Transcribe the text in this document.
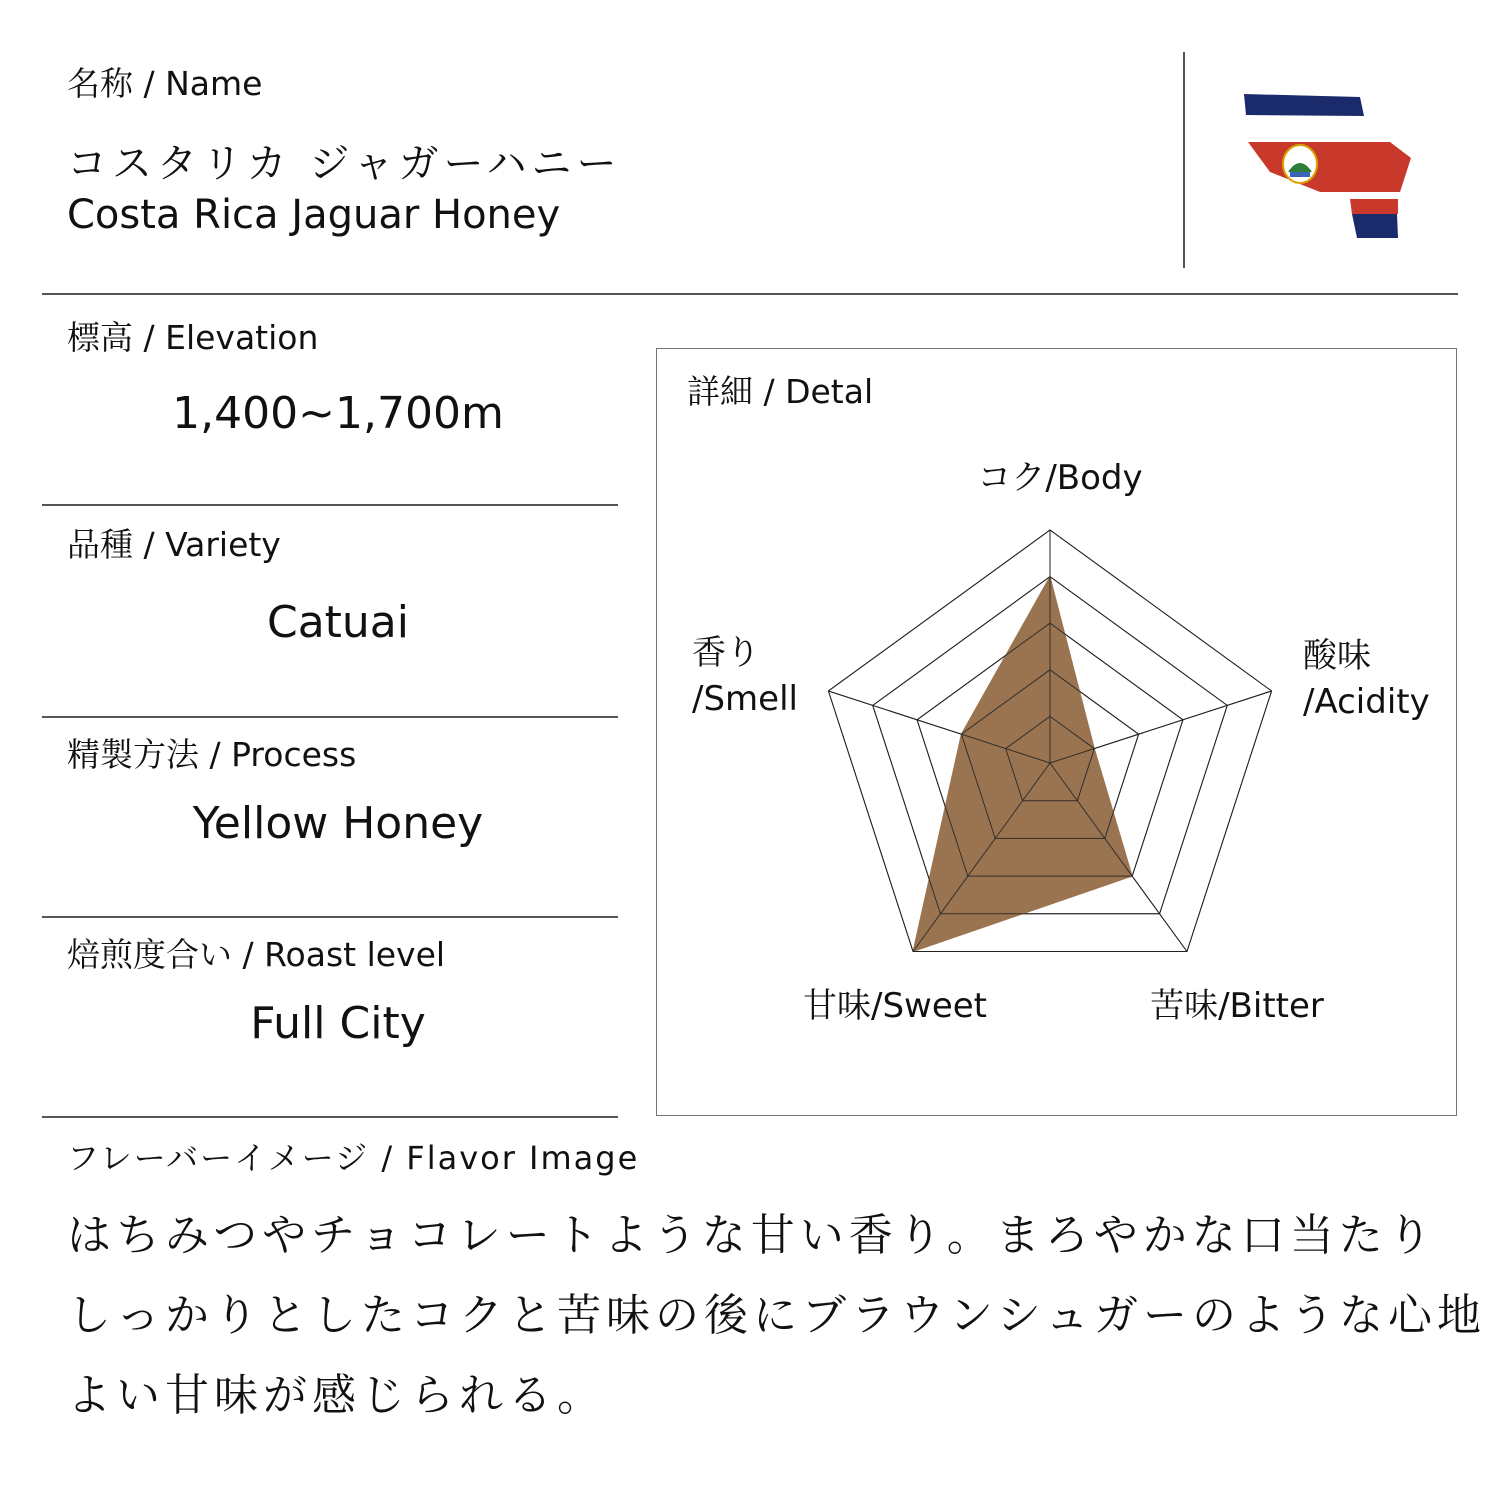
名称 / Name
コスタリカ ジャガーハニー
Costa Rica Jaguar Honey
標高 / Elevation
1,400~1,700m
品種 / Variety
Catuai
精製方法 / Process
Yellow Honey
焙煎度合い / Roast level
Full City
詳細 / Detal
コク/Body
酸味/Acidity
苦味/Bitter
甘味/Sweet
香り/Smell
フレーバーイメージ / Flavor Image
はちみつやチョコレートような甘い香り。まろやかな口当たり
しっかりとしたコクと苦味の後にブラウンシュガーのような心地
よい甘味が感じられる。
